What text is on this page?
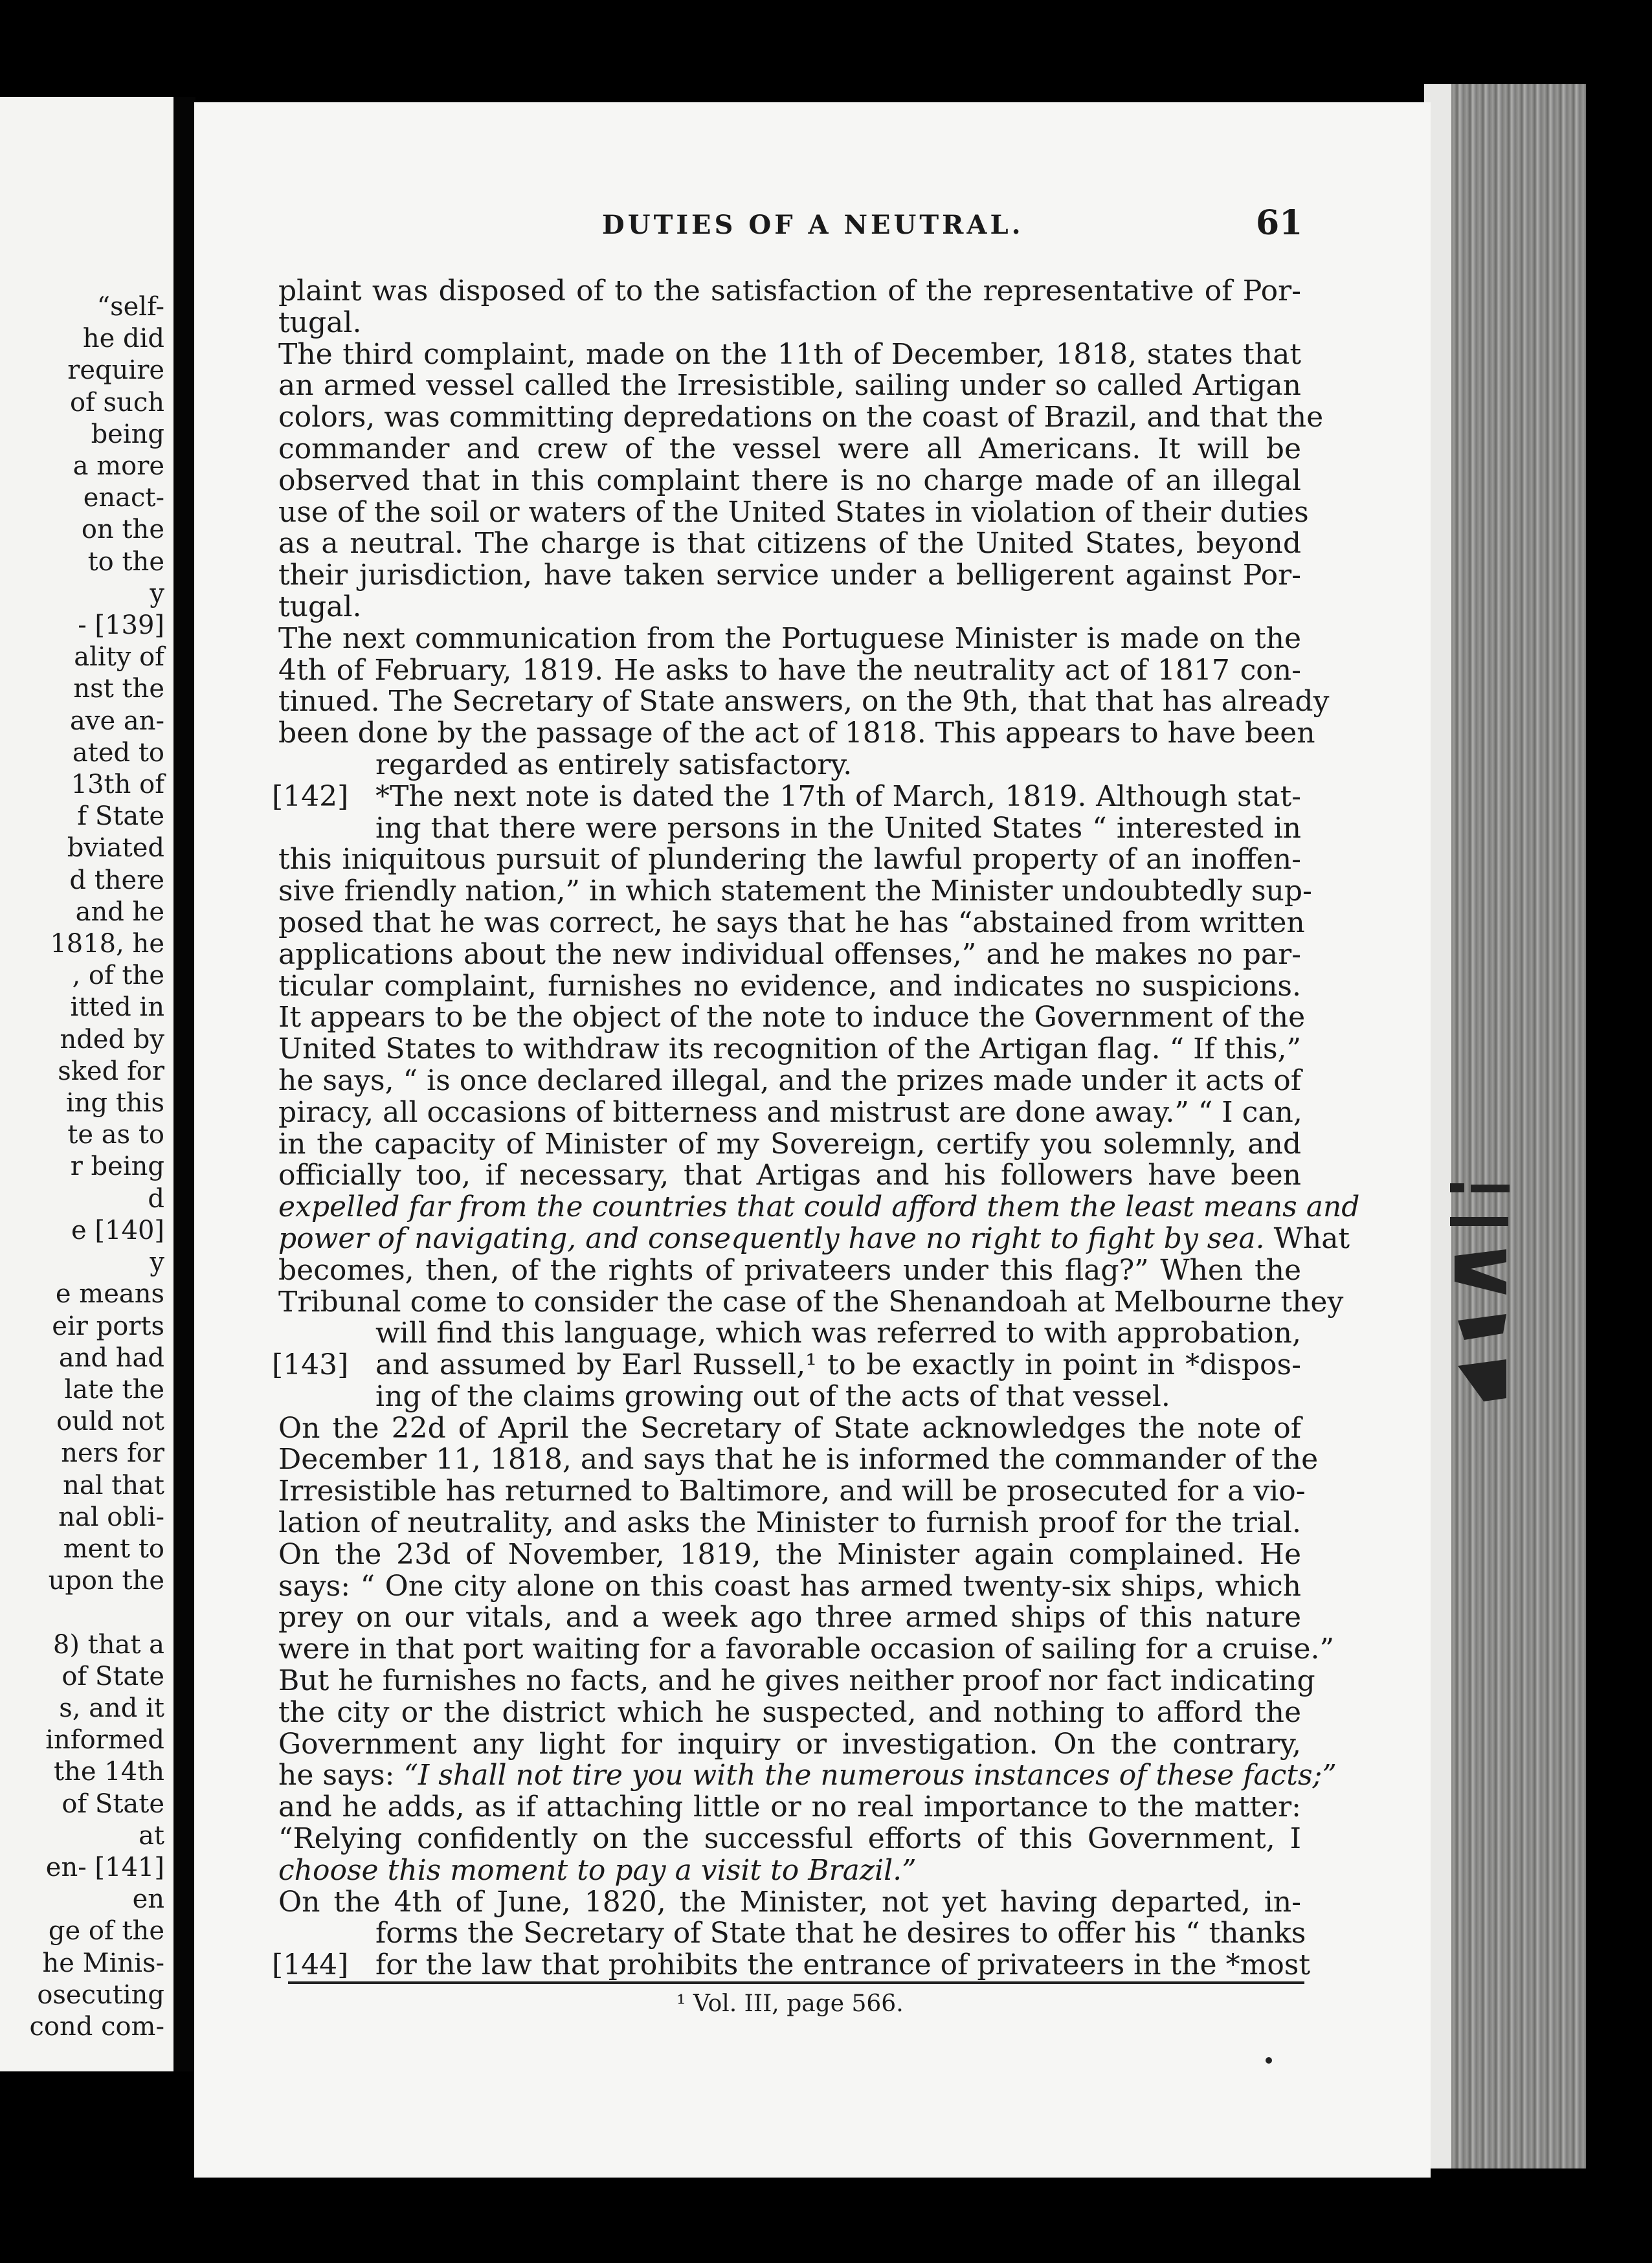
“self-
he did
require
of such
being
a more
enact-
on the
to the
y
- [139]
ality of
nst the
ave an-
ated to
13th of
f State
bviated
d there
and he
1818, he
, of the
itted in
nded by
sked for
ing this
te as to
r being
d
e [140]
y
e means
eir ports
and had
late the
ould not
ners for
nal that
nal obli-
ment to
upon the

8) that a
of State
s, and it
informed
the 14th
of State
at
en- [141]
en
ge of the
he Minis-
osecuting
cond com-
DUTIES OF A NEUTRAL.	61
plaint was disposed of to the satisfaction of the representative of Por-
tugal.
The third complaint, made on the 11th of December, 1818, states that
an armed vessel called the Irresistible, sailing under so called Artigan
colors, was committing depredations on the coast of Brazil, and that the
commander and crew of the vessel were all Americans. It will be
observed that in this complaint there is no charge made of an illegal
use of the soil or waters of the United States in violation of their duties
as a neutral. The charge is that citizens of the United States, beyond
their jurisdiction, have taken service under a belligerent against Por-
tugal.
The next communication from the Portuguese Minister is made on the
4th of February, 1819. He asks to have the neutrality act of 1817 con-
tinued. The Secretary of State answers, on the 9th, that that has already
been done by the passage of the act of 1818. This appears to have been
regarded as entirely satisfactory.
[142] *The next note is dated the 17th of March, 1819. Although stat-
ing that there were persons in the United States “ interested in
this iniquitous pursuit of plundering the lawful property of an inoffen-
sive friendly nation,” in which statement the Minister undoubtedly sup-
posed that he was correct, he says that he has “abstained from written
applications about the new individual offenses,” and he makes no par-
ticular complaint, furnishes no evidence, and indicates no suspicions.
It appears to be the object of the note to induce the Government of the
United States to withdraw its recognition of the Artigan flag. “ If this,”
he says, “ is once declared illegal, and the prizes made under it acts of
piracy, all occasions of bitterness and mistrust are done away.” “ I can,
in the capacity of Minister of my Sovereign, certify you solemnly, and
officially too, if necessary, that Artigas and his followers have been
expelled far from the countries that could afford them the least means and
power of navigating, and consequently have no right to fight by sea. What
becomes, then, of the rights of privateers under this flag?” When the
Tribunal come to consider the case of the Shenandoah at Melbourne they
will find this language, which was referred to with approbation,
[143] and assumed by Earl Russell,¹ to be exactly in point in *dispos-
ing of the claims growing out of the acts of that vessel.
On the 22d of April the Secretary of State acknowledges the note of
December 11, 1818, and says that he is informed the commander of the
Irresistible has returned to Baltimore, and will be prosecuted for a vio-
lation of neutrality, and asks the Minister to furnish proof for the trial.
On the 23d of November, 1819, the Minister again complained. He
says: “ One city alone on this coast has armed twenty-six ships, which
prey on our vitals, and a week ago three armed ships of this nature
were in that port waiting for a favorable occasion of sailing for a cruise.”
But he furnishes no facts, and he gives neither proof nor fact indicating
the city or the district which he suspected, and nothing to afford the
Government any light for inquiry or investigation. On the contrary,
he says: “I shall not tire you with the numerous instances of these facts;”
and he adds, as if attaching little or no real importance to the matter:
“Relying confidently on the successful efforts of this Government, I
choose this moment to pay a visit to Brazil.”
On the 4th of June, 1820, the Minister, not yet having departed, in-
forms the Secretary of State that he desires to offer his “ thanks
[144] for the law that prohibits the entrance of privateers in the *most
¹ Vol. III, page 566.
